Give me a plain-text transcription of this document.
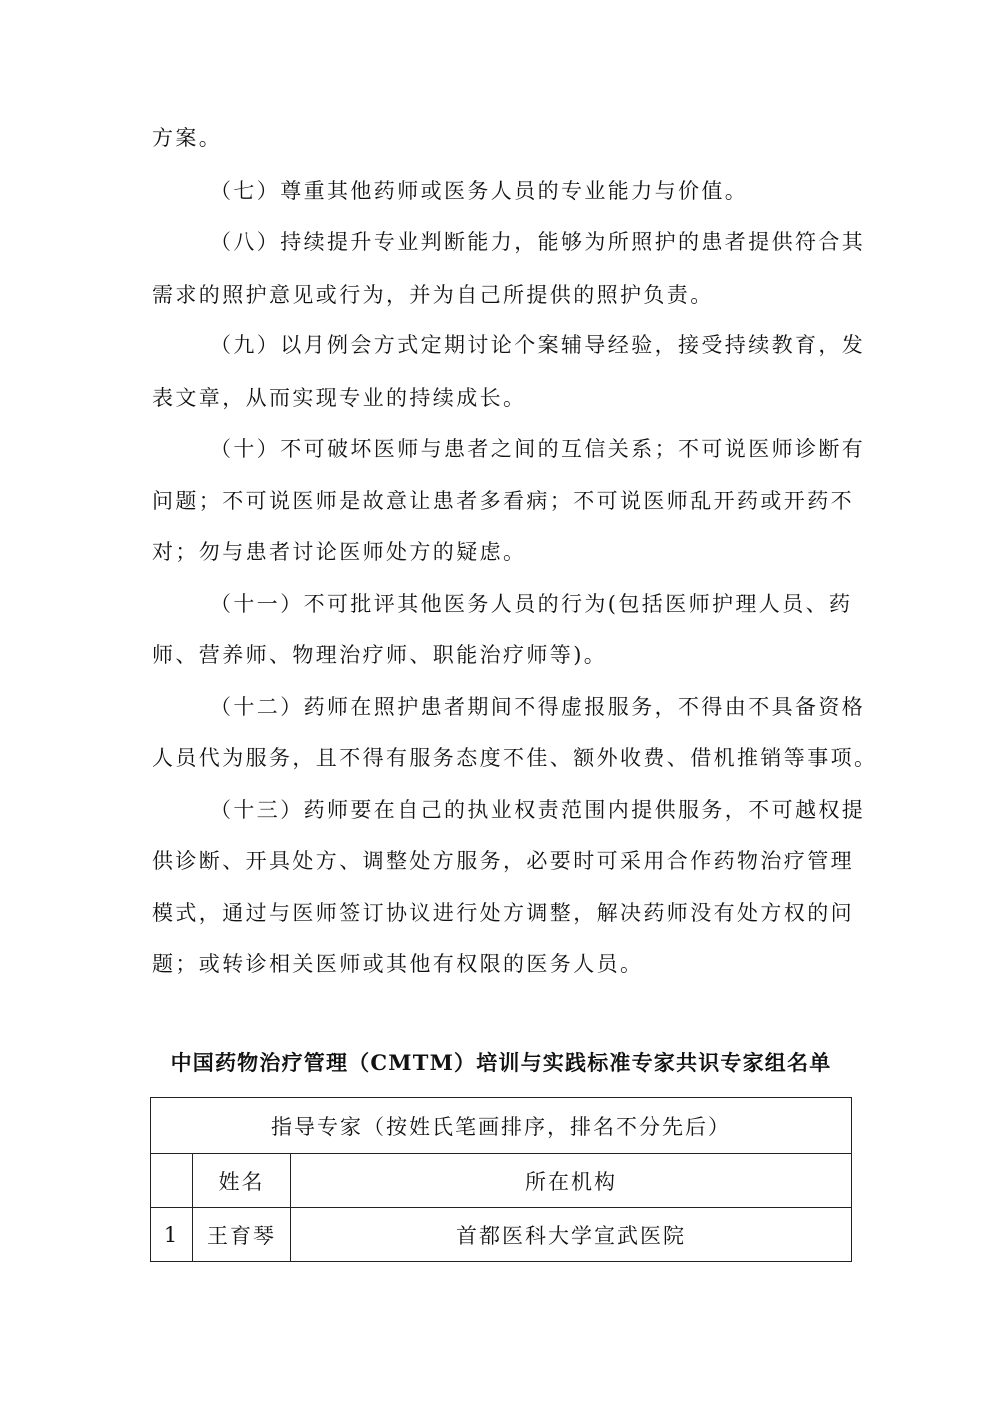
方案。
（七）尊重其他药师或医务人员的专业能力与价值。
（八）持续提升专业判断能力，能够为所照护的患者提供符合其
需求的照护意见或行为，并为自己所提供的照护负责。
（九）以月例会方式定期讨论个案辅导经验，接受持续教育，发
表文章，从而实现专业的持续成长。
（十）不可破坏医师与患者之间的互信关系；不可说医师诊断有
问题；不可说医师是故意让患者多看病；不可说医师乱开药或开药不
对；勿与患者讨论医师处方的疑虑。
（十一）不可批评其他医务人员的行为(包括医师护理人员、药
师、营养师、物理治疗师、职能治疗师等)。
（十二）药师在照护患者期间不得虚报服务，不得由不具备资格
人员代为服务，且不得有服务态度不佳、额外收费、借机推销等事项。
（十三）药师要在自己的执业权责范围内提供服务，不可越权提
供诊断、开具处方、调整处方服务，必要时可采用合作药物治疗管理
模式，通过与医师签订协议进行处方调整，解决药师没有处方权的问
题；或转诊相关医师或其他有权限的医务人员。
中国药物治疗管理（CMTM）培训与实践标准专家共识专家组名单
指导专家（按姓氏笔画排序，排名不分先后）		
	姓名	所在机构
1	王育琴	首都医科大学宣武医院
